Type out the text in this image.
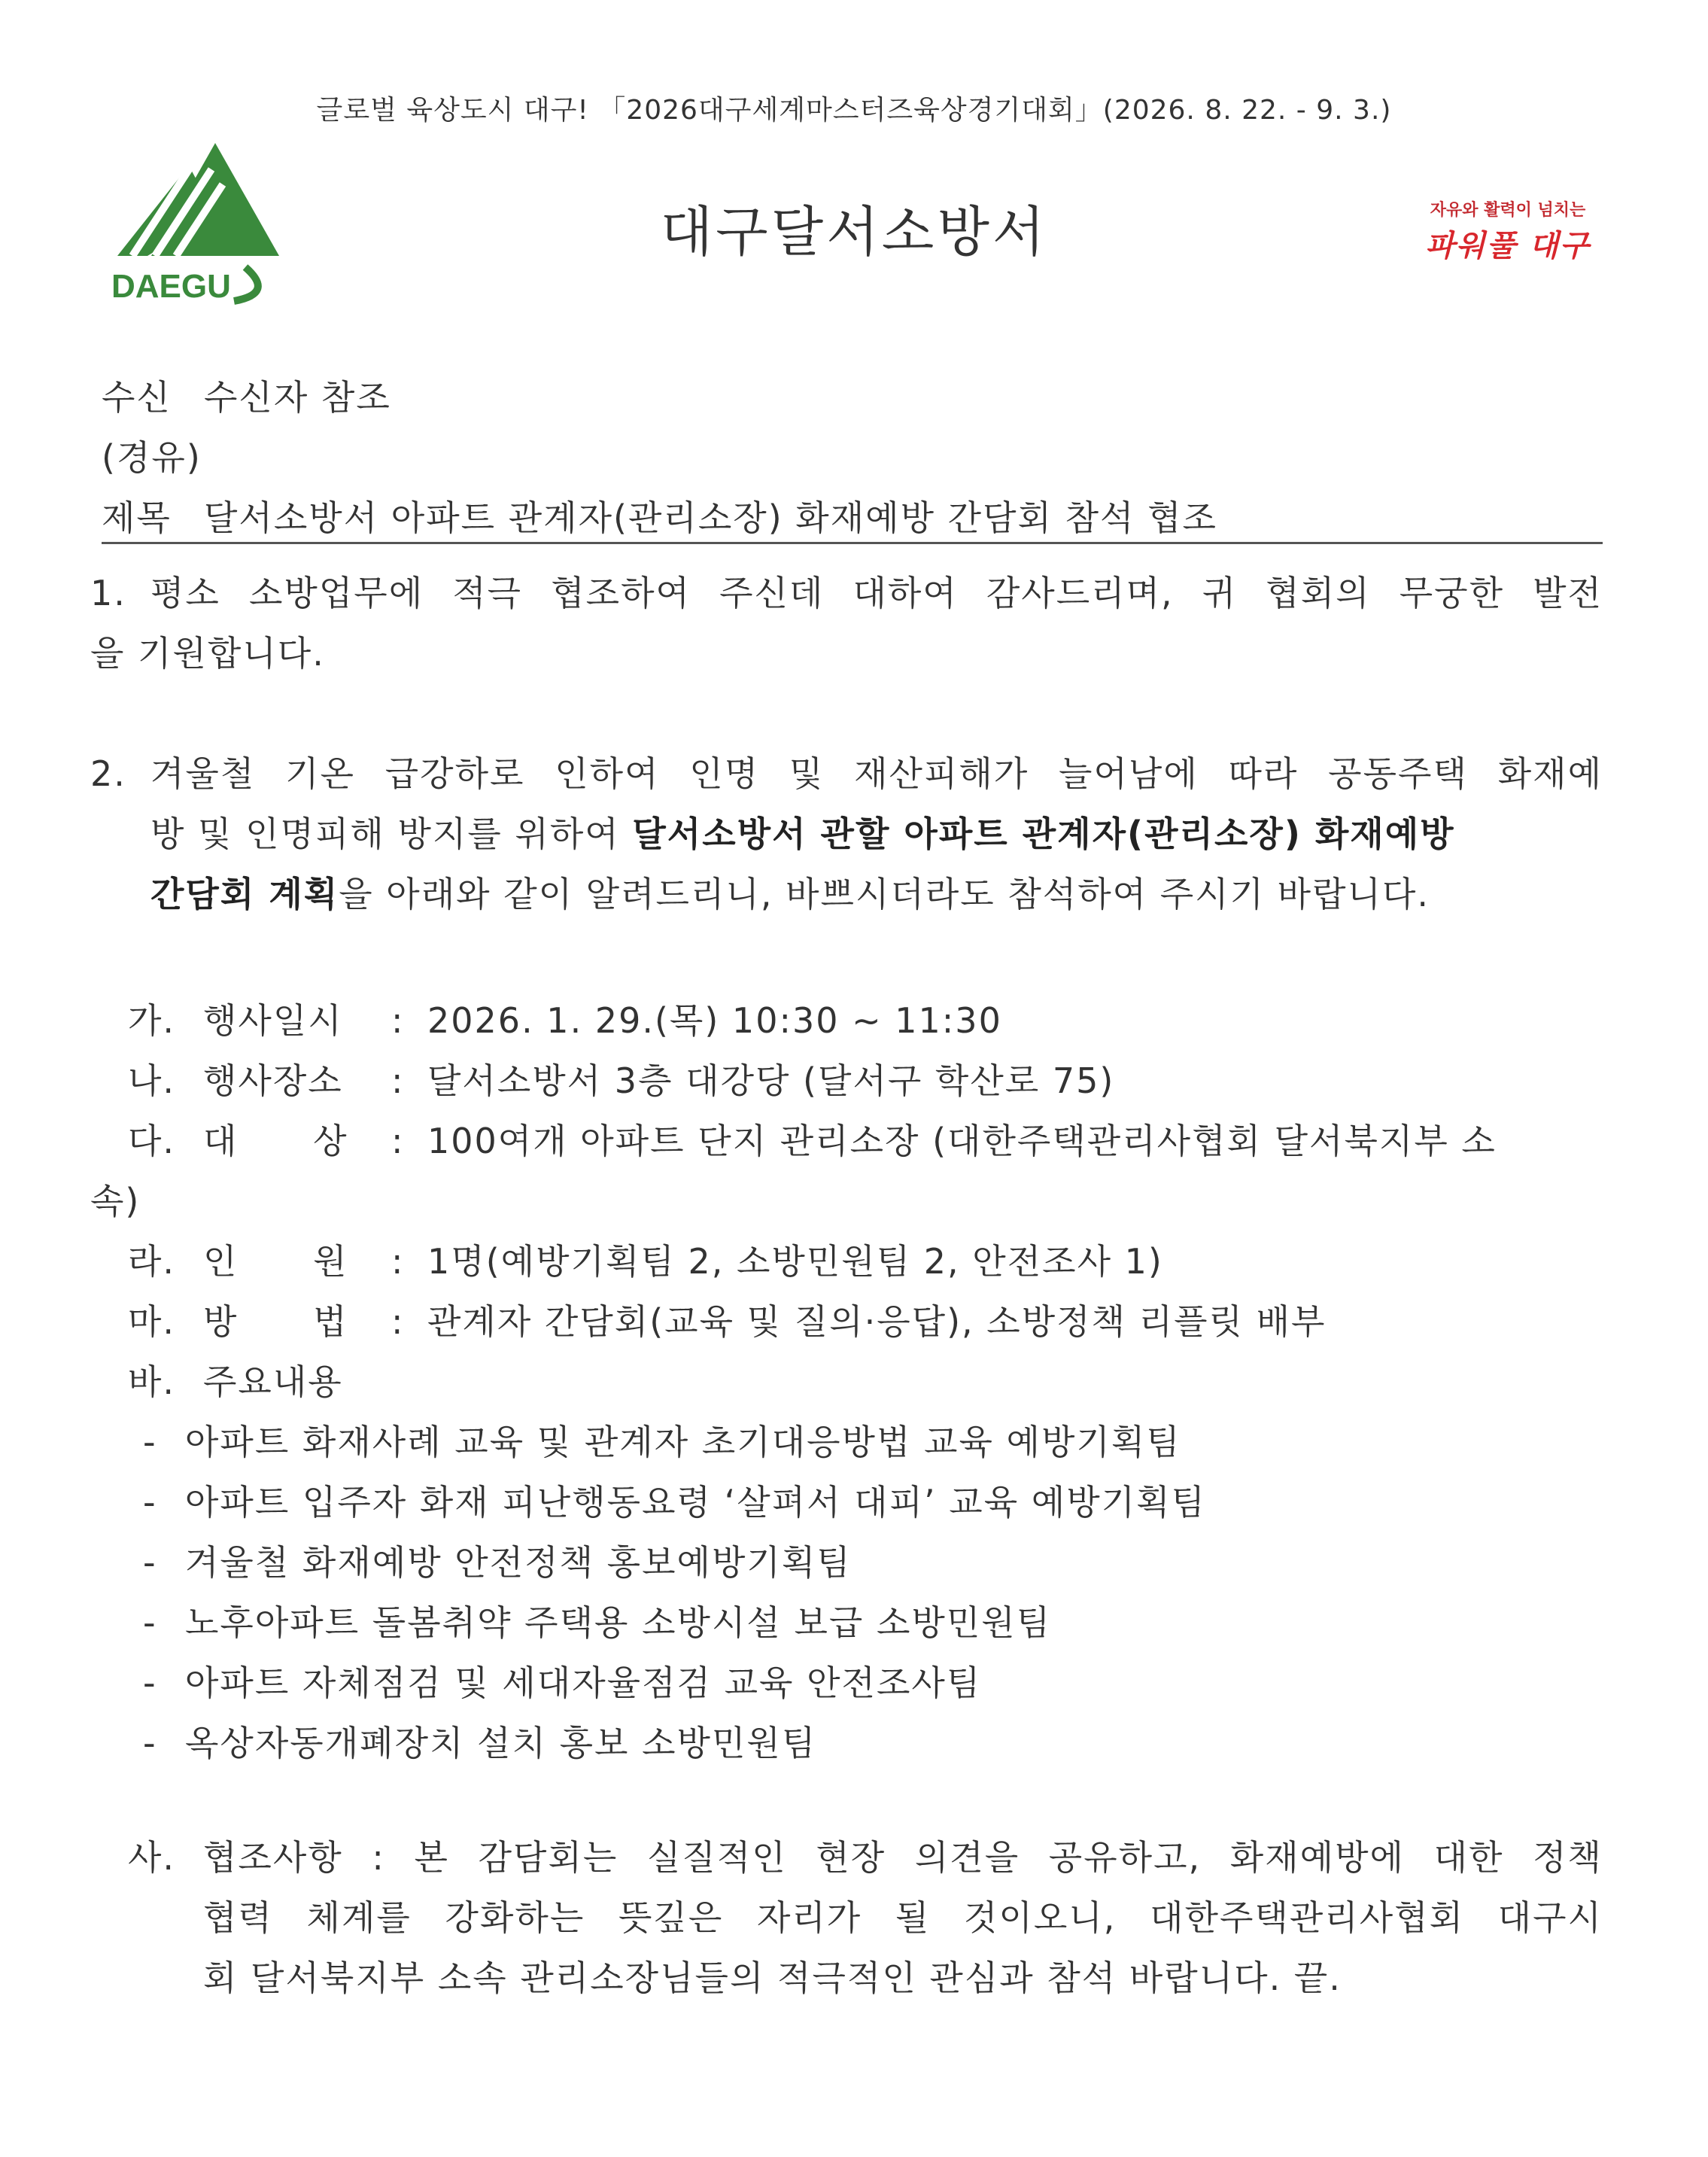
글로벌 육상도시 대구! 「2026대구세계마스터즈육상경기대회」(2026. 8. 22. - 9. 3.)
DAEGU
대구달서소방서	자유와 활력이 넘치는
파워풀 대구
수신 수신자 참조
(경유)
제목 달서소방서 아파트 관계자(관리소장) 화재예방 간담회 참석 협조
1. 평소 소방업무에 적극 협조하여 주신데 대하여 감사드리며, 귀 협회의 무궁한 발전
을 기원합니다.
2. 겨울철 기온 급강하로 인하여 인명 및 재산피해가 늘어남에 따라 공동주택 화재예
방 및 인명피해 방지를 위하여 달서소방서 관할 아파트 관계자(관리소장) 화재예방
간담회 계획을 아래와 같이 알려드리니, 바쁘시더라도 참석하여 주시기 바랍니다.
가. 행사일시 : 2026. 1. 29.(목) 10:30 ~ 11:30
나. 행사장소 : 달서소방서 3층 대강당 (달서구 학산로 75)
다. 대      상 : 100여개 아파트 단지 관리소장 (대한주택관리사협회 달서북지부 소
속)
라. 인      원 : 1명(예방기획팀 2, 소방민원팀 2, 안전조사 1)
마. 방      법 : 관계자 간담회(교육 및 질의·응답), 소방정책 리플릿 배부
바. 주요내용
- 아파트 화재사례 교육 및 관계자 초기대응방법 교육 예방기획팀
- 아파트 입주자 화재 피난행동요령 ‘살펴서 대피’ 교육 예방기획팀
- 겨울철 화재예방 안전정책 홍보예방기획팀
- 노후아파트 돌봄취약 주택용 소방시설 보급 소방민원팀
- 아파트 자체점검 및 세대자율점검 교육 안전조사팀
- 옥상자동개폐장치 설치 홍보 소방민원팀
사. 협조사항 : 본 감담회는 실질적인 현장 의견을 공유하고, 화재예방에 대한 정책
협력 체계를 강화하는 뜻깊은 자리가 될 것이오니, 대한주택관리사협회 대구시
회 달서북지부 소속 관리소장님들의 적극적인 관심과 참석 바랍니다. 끝.
